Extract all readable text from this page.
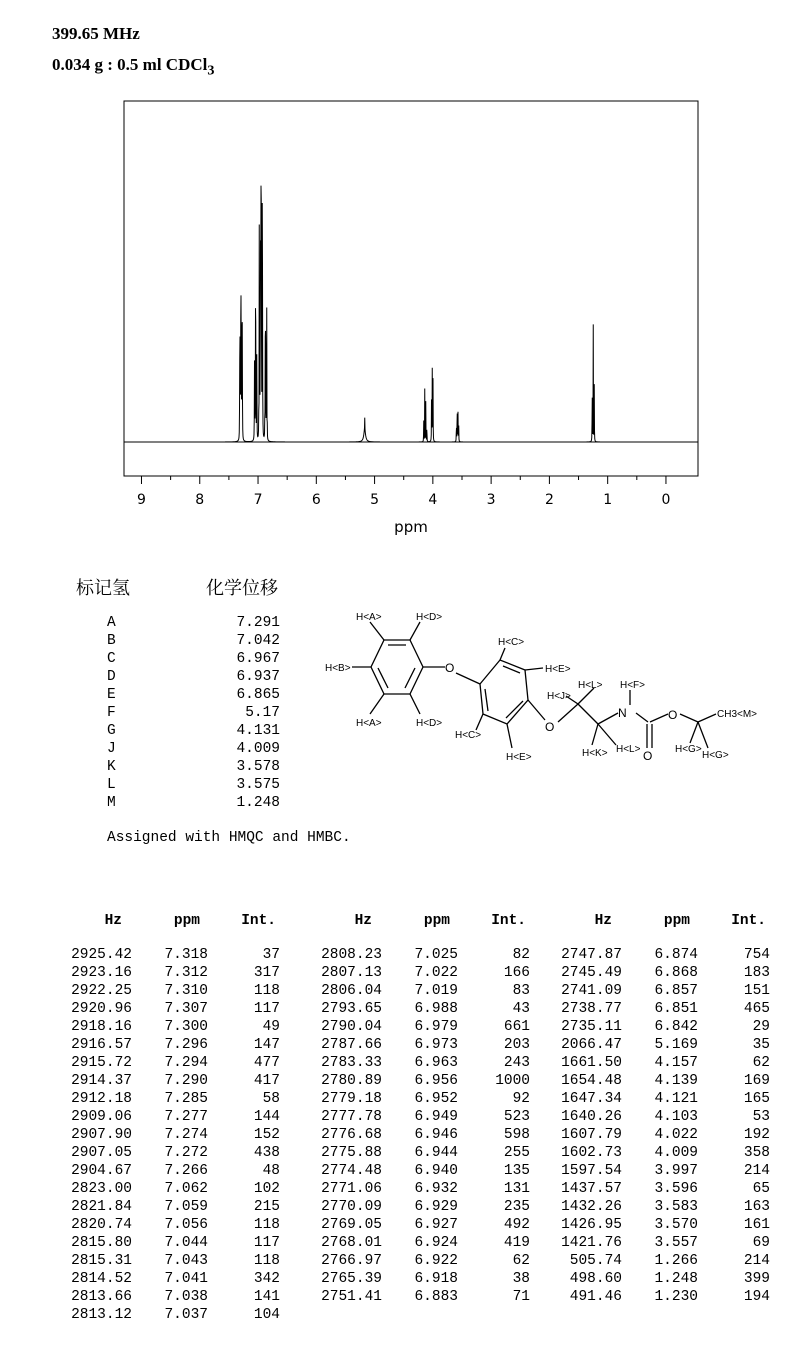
399.65 MHz
0.034 g : 0.5 ml CDCl$_3$
9	8	7	6	5	4	3	2	1	0
ppm
标记氢	化学位移
A	7.291
B	7.042
C	6.967
D	6.937
E	6.865
F	5.17
G	4.131
J	4.009
K	3.578
L	3.575
M	1.248
Assigned with HMQC and HMBC.
H<A>	H<D>
H<B>
H<A>	H<D>
O
H<C>
H<E>
H<C>
H<E>
O
H<J>
H<L>
H<K> H<L>
N
H<F>
O
O	CH3<M>
H<G>
H<G>
Hz	ppm	Int.
2925.42 7.318	37
2923.16 7.312	317
2922.25 7.310	118
2920.96 7.307	117
2918.16 7.300	49
2916.57 7.296	147
2915.72 7.294	477
2914.37 7.290	417
2912.18 7.285	58
2909.06 7.277	144
2907.90 7.274	152
2907.05 7.272	438
2904.67 7.266	48
2823.00 7.062	102
2821.84 7.059	215
2820.74 7.056	118
2815.80 7.044	117
2815.31 7.043	118
2814.52 7.041	342
2813.66 7.038	141
2813.12 7.037	104
Hz	ppm	Int.
2808.23 7.025	82
2807.13 7.022	166
2806.04 7.019	83
2793.65 6.988	43
2790.04 6.979	661
2787.66 6.973	203
2783.33 6.963	243
2780.89 6.956	1000
2779.18 6.952	92
2777.78 6.949	523
2776.68 6.946	598
2775.88 6.944	255
2774.48 6.940	135
2771.06 6.932	131
2770.09 6.929	235
2769.05 6.927	492
2768.01 6.924	419
2766.97 6.922	62
2765.39 6.918	38
2751.41 6.883	71
Hz	ppm	Int.
2747.87 6.874	754
2745.49 6.868	183
2741.09 6.857	151
2738.77 6.851	465
2735.11 6.842	29
2066.47 5.169	35
1661.50 4.157	62
1654.48 4.139	169
1647.34 4.121	165
1640.26 4.103	53
1607.79 4.022	192
1602.73 4.009	358
1597.54 3.997	214
1437.57 3.596	65
1432.26 3.583	163
1426.95 3.570	161
1421.76 3.557	69
505.74 1.266	214
498.60 1.248	399
491.46 1.230	194
